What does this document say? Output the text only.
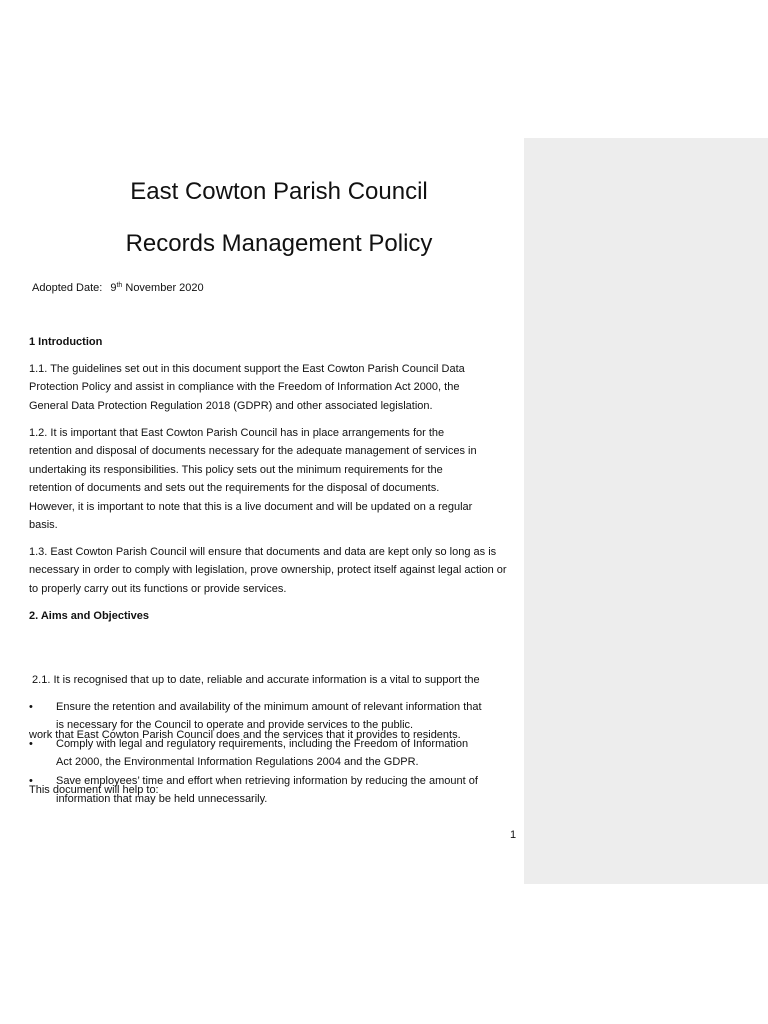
East Cowton Parish Council
Records Management Policy
Adopted Date: 9th November 2020
1 Introduction
1.1. The guidelines set out in this document support the East Cowton Parish Council Data
Protection Policy and assist in compliance with the Freedom of Information Act 2000, the
General Data Protection Regulation 2018 (GDPR) and other associated legislation.
1.2. It is important that East Cowton Parish Council has in place arrangements for the
retention and disposal of documents necessary for the adequate management of services in
undertaking its responsibilities. This policy sets out the minimum requirements for the
retention of documents and sets out the requirements for the disposal of documents.
However, it is important to note that this is a live document and will be updated on a regular
basis.
1.3. East Cowton Parish Council will ensure that documents and data are kept only so long as is
necessary in order to comply with legislation, prove ownership, protect itself against legal action or
to properly carry out its functions or provide services.
2. Aims and Objectives

2.1. It is recognised that up to date, reliable and accurate information is a vital to support the

work that East Cowton Parish Council does and the services that it provides to residents.

This document will help to:

• Ensure the retention and availability of the minimum amount of relevant information that
is necessary for the Council to operate and provide services to the public.
• Comply with legal and regulatory requirements, including the Freedom of Information
Act 2000, the Environmental Information Regulations 2004 and the GDPR.
• Save employees’ time and effort when retrieving information by reducing the amount of
information that may be held unnecessarily.
1
